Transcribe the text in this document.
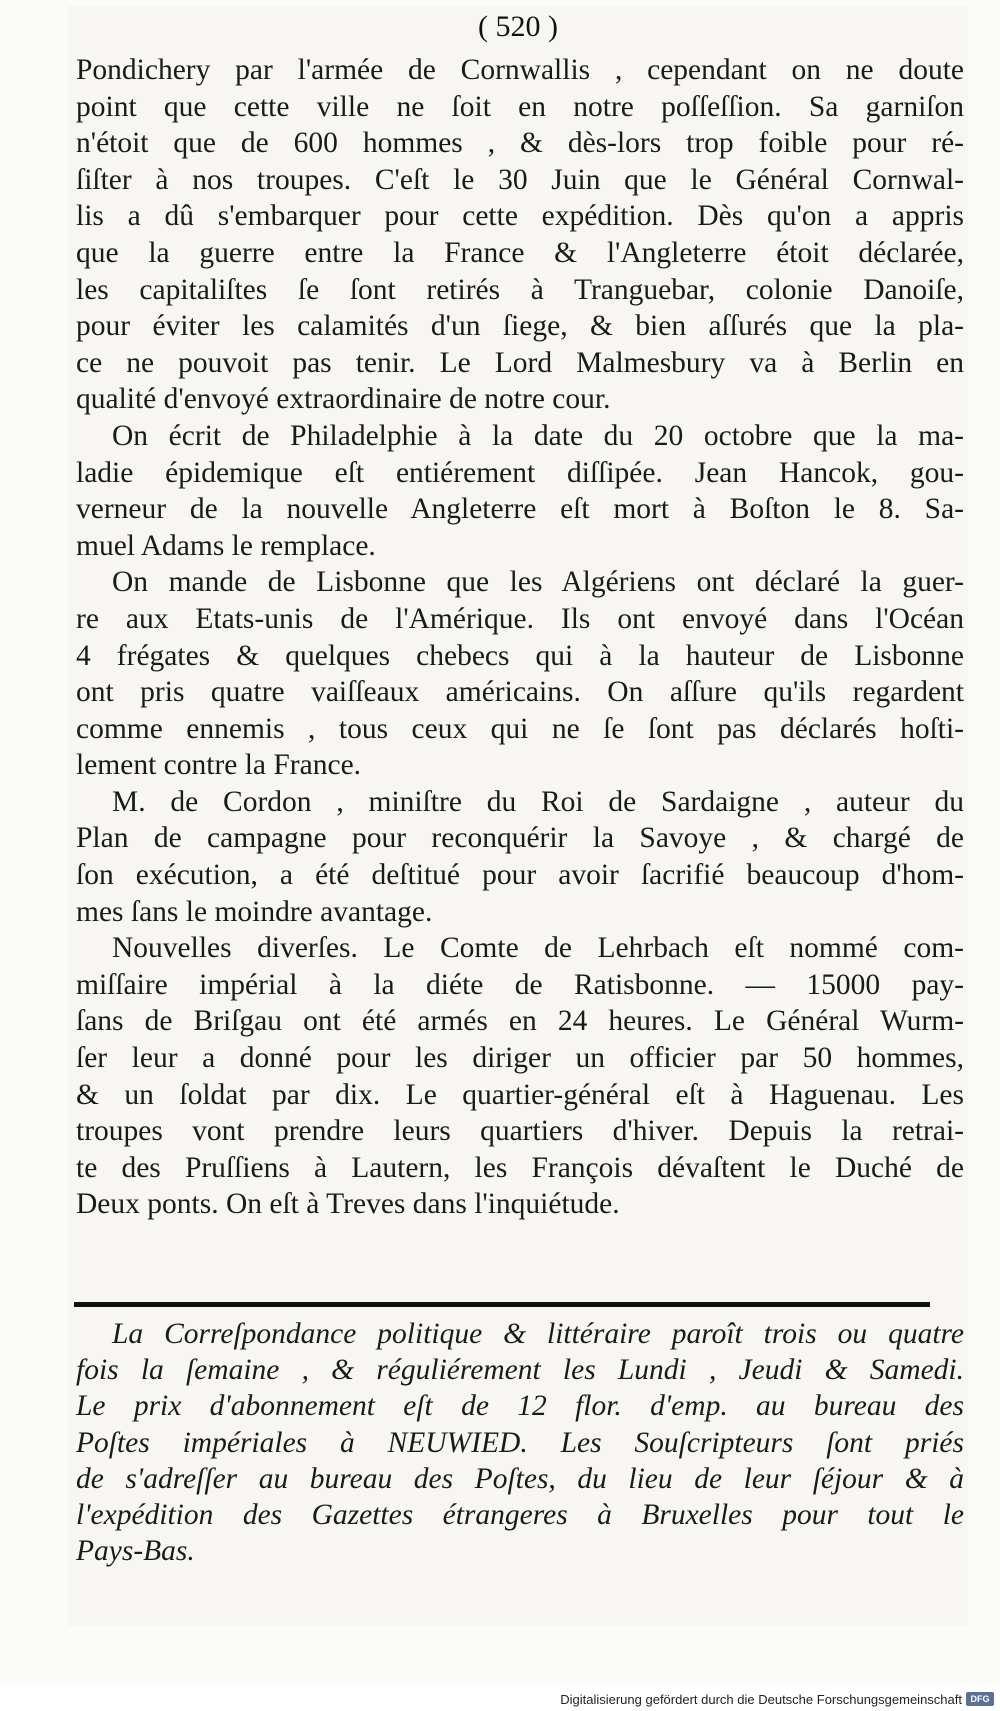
( 520 )
Pondichery par l'armée de Cornwallis , cependant on ne doute
point que cette ville ne ſoit en notre poſſeſſion. Sa garniſon
n'étoit que de 600 hommes , & dès-lors trop foible pour ré-
ſiſter à nos troupes. C'eſt le 30 Juin que le Général Cornwal-
lis a dû s'embarquer pour cette expédition. Dès qu'on a appris
que la guerre entre la France & l'Angleterre étoit déclarée,
les capitaliſtes ſe ſont retirés à Tranguebar, colonie Danoiſe,
pour éviter les calamités d'un ſiege, & bien aſſurés que la pla-
ce ne pouvoit pas tenir. Le Lord Malmesbury va à Berlin en
qualité d'envoyé extraordinaire de notre cour.
On écrit de Philadelphie à la date du 20 octobre que la ma-
ladie épidemique eſt entiérement diſſipée. Jean Hancok, gou-
verneur de la nouvelle Angleterre eſt mort à Boſton le 8. Sa-
muel Adams le remplace.
On mande de Lisbonne que les Algériens ont déclaré la guer-
re aux Etats-unis de l'Amérique. Ils ont envoyé dans l'Océan
4 frégates & quelques chebecs qui à la hauteur de Lisbonne
ont pris quatre vaiſſeaux américains. On aſſure qu'ils regardent
comme ennemis , tous ceux qui ne ſe ſont pas déclarés hoſti-
lement contre la France.
M. de Cordon , miniſtre du Roi de Sardaigne , auteur du
Plan de campagne pour reconquérir la Savoye , & chargé de
ſon exécution, a été deſtitué pour avoir ſacrifié beaucoup d'hom-
mes ſans le moindre avantage.
Nouvelles diverſes. Le Comte de Lehrbach eſt nommé com-
miſſaire impérial à la diéte de Ratisbonne. — 15000 pay-
ſans de Briſgau ont été armés en 24 heures. Le Général Wurm-
ſer leur a donné pour les diriger un officier par 50 hommes,
& un ſoldat par dix. Le quartier-général eſt à Haguenau. Les
troupes vont prendre leurs quartiers d'hiver. Depuis la retrai-
te des Pruſſiens à Lautern, les François dévaſtent le Duché de
Deux ponts. On eſt à Treves dans l'inquiétude.
La Correſpondance politique & littéraire paroît trois ou quatre
fois la ſemaine , & réguliérement les Lundi , Jeudi & Samedi.
Le prix d'abonnement eſt de 12 flor. d'emp. au bureau des
Poſtes impériales à NEUWIED. Les Souſcripteurs ſont priés
de s'adreſſer au bureau des Poſtes, du lieu de leur ſéjour & à
l'expédition des Gazettes étrangeres à Bruxelles pour tout le
Pays-Bas.
Digitalisierung gefördert durch die Deutsche Forschungsgemeinschaft DFG
